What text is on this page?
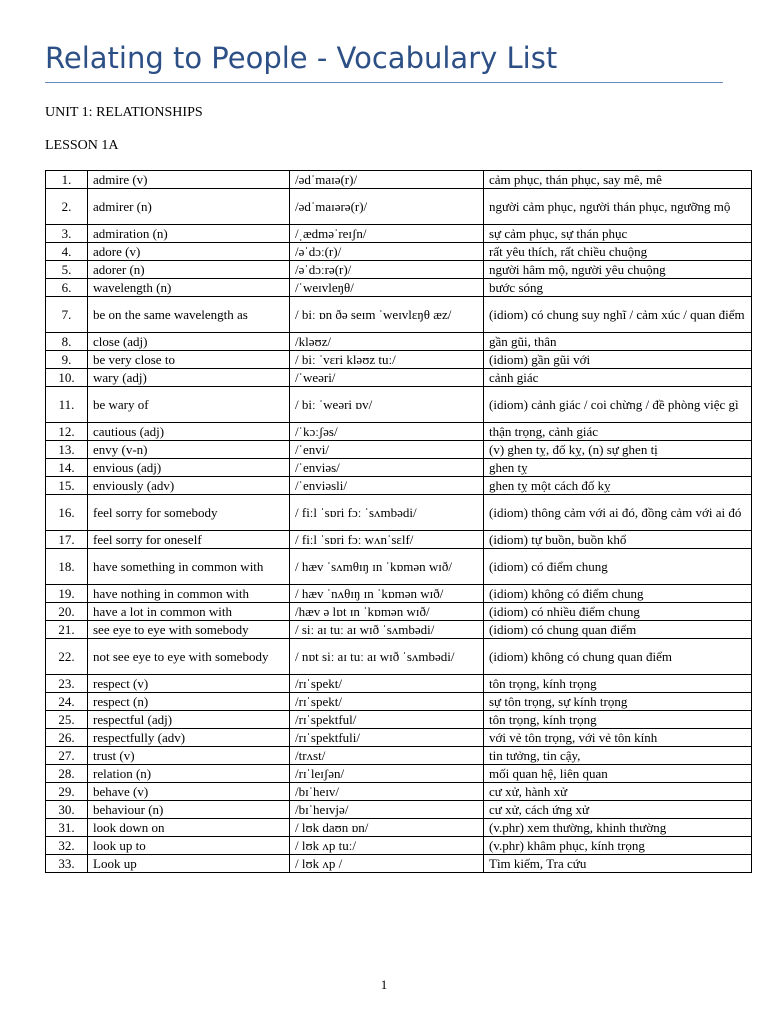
Relating to People - Vocabulary List
UNIT 1: RELATIONSHIPS
LESSON 1A
1.	admire (v)	/ədˈmaɪə(r)/	cảm phục, thán phục, say mê, mê
2.	admirer (n)	/ədˈmaɪərə(r)/	người cảm phục, người thán phục, ngưỡng mộ
3.	admiration (n)	/ˌædməˈreɪʃn/	sự cảm phục, sự thán phục
4.	adore (v)	/əˈdɔː(r)/	rất yêu thích, rất chiều chuộng
5.	adorer (n)	/əˈdɔːrə(r)/	người hâm mộ, người yêu chuộng
6.	wavelength (n)	/ˈweɪvleŋθ/	bước sóng
7.	be on the same wavelength as	/ biː ɒn ðə seɪm ˈweɪvlɛŋθ æz/	(idiom) có chung suy nghĩ / cảm xúc / quan điểm
8.	close (adj)	/kləʊz/	gần gũi, thân
9.	be very close to	/ biː ˈvɛri kləʊz tuː/	(idiom) gần gũi với
10.	wary (adj)	/ˈweəri/	cảnh giác
11.	be wary of	/ biː ˈweəri ɒv/	(idiom) cảnh giác / coi chừng / đề phòng việc gì
12.	cautious (adj)	/ˈkɔːʃəs/	thận trọng, cảnh giác
13.	envy (v-n)	/ˈenvi/	(v) ghen tỵ, đố kỵ, (n) sự ghen tị
14.	envious (adj)	/ˈenviəs/	ghen tỵ
15.	enviously (adv)	/ˈenviəsli/	ghen tỵ một cách đố kỵ
16.	feel sorry for somebody	/ fiːl ˈsɒri fɔː ˈsʌmbədi/	(idiom) thông cảm với ai đó, đồng cảm với ai đó
17.	feel sorry for oneself	/ fiːl ˈsɒri fɔː wʌnˈsɛlf/	(idiom) tự buồn, buồn khổ
18.	have something in common with	/ hæv ˈsʌmθɪŋ ɪn ˈkɒmən wɪð/	(idiom) có điểm chung
19.	have nothing in common with	/ hæv ˈnʌθɪŋ ɪn ˈkɒmən wɪð/	(idiom) không có điểm chung
20.	have a lot in common with	/hæv ə lɒt ɪn ˈkɒmən wɪð/	(idiom) có nhiều điểm chung
21.	see eye to eye with somebody	/ siː aɪ tuː aɪ wɪð ˈsʌmbədi/	(idiom) có chung quan điểm
22.	not see eye to eye with somebody	/ nɒt siː aɪ tuː aɪ wɪð ˈsʌmbədi/	(idiom) không có chung quan điểm
23.	respect (v)	/rɪˈspekt/	tôn trọng, kính trọng
24.	respect (n)	/rɪˈspekt/	sự tôn trọng, sự kính trọng
25.	respectful (adj)	/rɪˈspektful/	tôn trọng, kính trọng
26.	respectfully (adv)	/rɪˈspektfuli/	với vẻ tôn trọng, với vẻ tôn kính
27.	trust (v)	/trʌst/	tin tưởng, tin cậy,
28.	relation (n)	/rɪˈleɪʃən/	mối quan hệ, liên quan
29.	behave (v)	/bɪˈheɪv/	cư xử, hành xử
30.	behaviour (n)	/bɪˈheɪvjə/	cư xử, cách ứng xử
31.	look down on	/ lʊk daʊn ɒn/	(v.phr) xem thường, khinh thường
32.	look up to	/ lʊk ʌp tuː/	(v.phr) khâm phục, kính trọng
33.	Look up	/ lʊk ʌp /	Tìm kiếm, Tra cứu
1
